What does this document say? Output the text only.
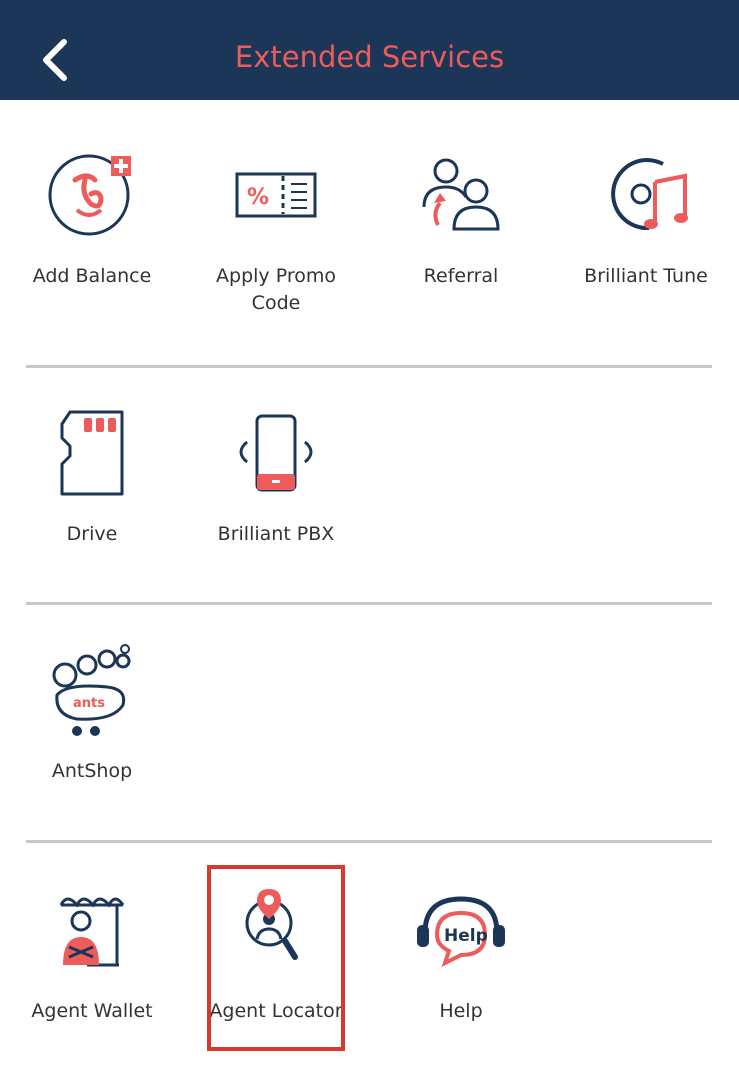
Extended Services
Add Balance
%
Apply Promo Code
Referral	Brilliant Tune
Drive	Brilliant PBX
ants
AntShop
Agent Wallet	Agent Locator
Help
Help
